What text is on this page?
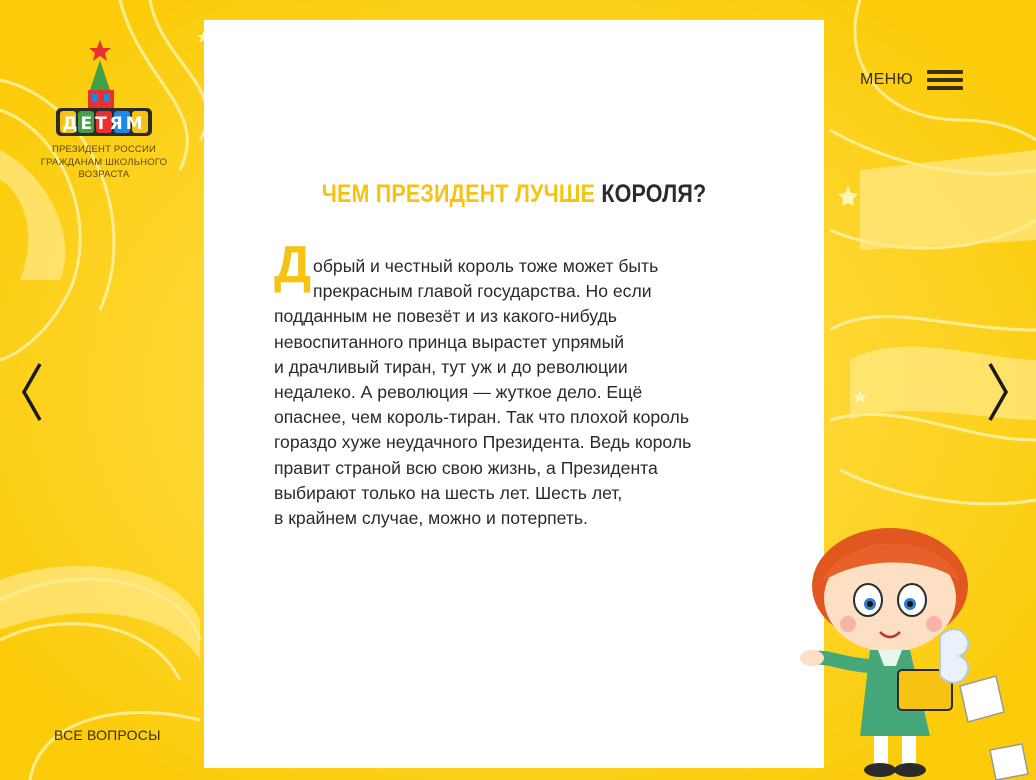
ДЕТЯМ
ПРЕЗИДЕНТ РОССИИ
ГРАЖДАНАМ ШКОЛЬНОГО
ВОЗРАСТА
МЕНЮ
ВСЕ ВОПРОСЫ
ЧЕМ ПРЕЗИДЕНТ ЛУЧШЕ КОРОЛЯ?
Д обрый и честный король тоже может быть
прекрасным главой государства. Но если
подданным не повезёт и из какого-нибудь
невоспитанного принца вырастет упрямый
и драчливый тиран, тут уж и до революции
недалеко. А революция — жуткое дело. Ещё
опаснее, чем король-тиран. Так что плохой король
гораздо хуже неудачного Президента. Ведь король
правит страной всю свою жизнь, а Президента
выбирают только на шесть лет. Шесть лет,
в крайнем случае, можно и потерпеть.
